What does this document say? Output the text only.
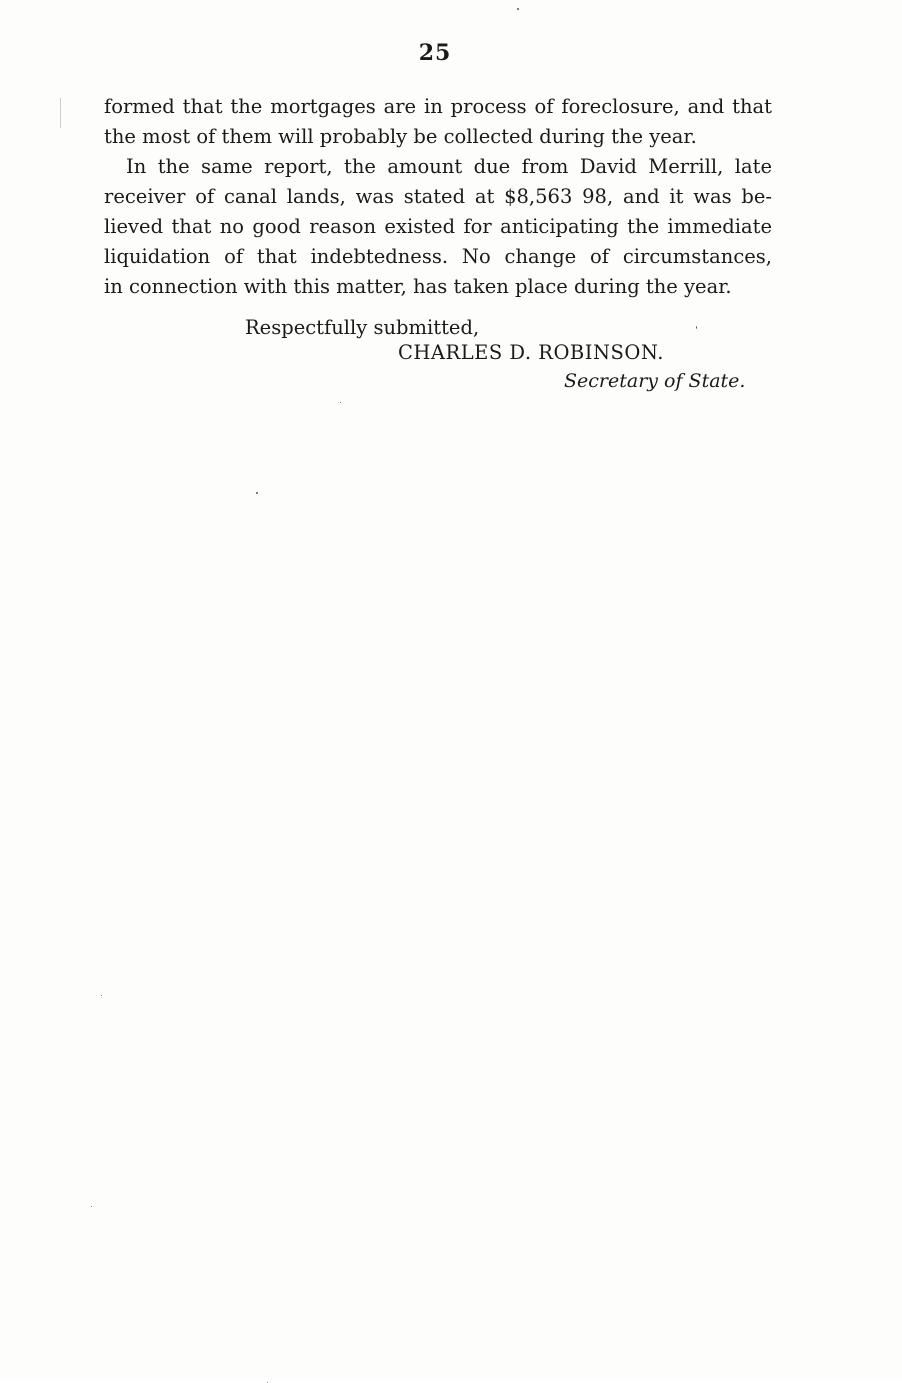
25
formed that the mortgages are in process of foreclosure, and that
the most of them will probably be collected during the year.
In the same report, the amount due from David Merrill, late
receiver of canal lands, was stated at $8,563 98, and it was be-
lieved that no good reason existed for anticipating the immediate
liquidation of that indebtedness. No change of circumstances,
in connection with this matter, has taken place during the year.
Respectfully submitted,
CHARLES D. ROBINSON.
Secretary of State.
